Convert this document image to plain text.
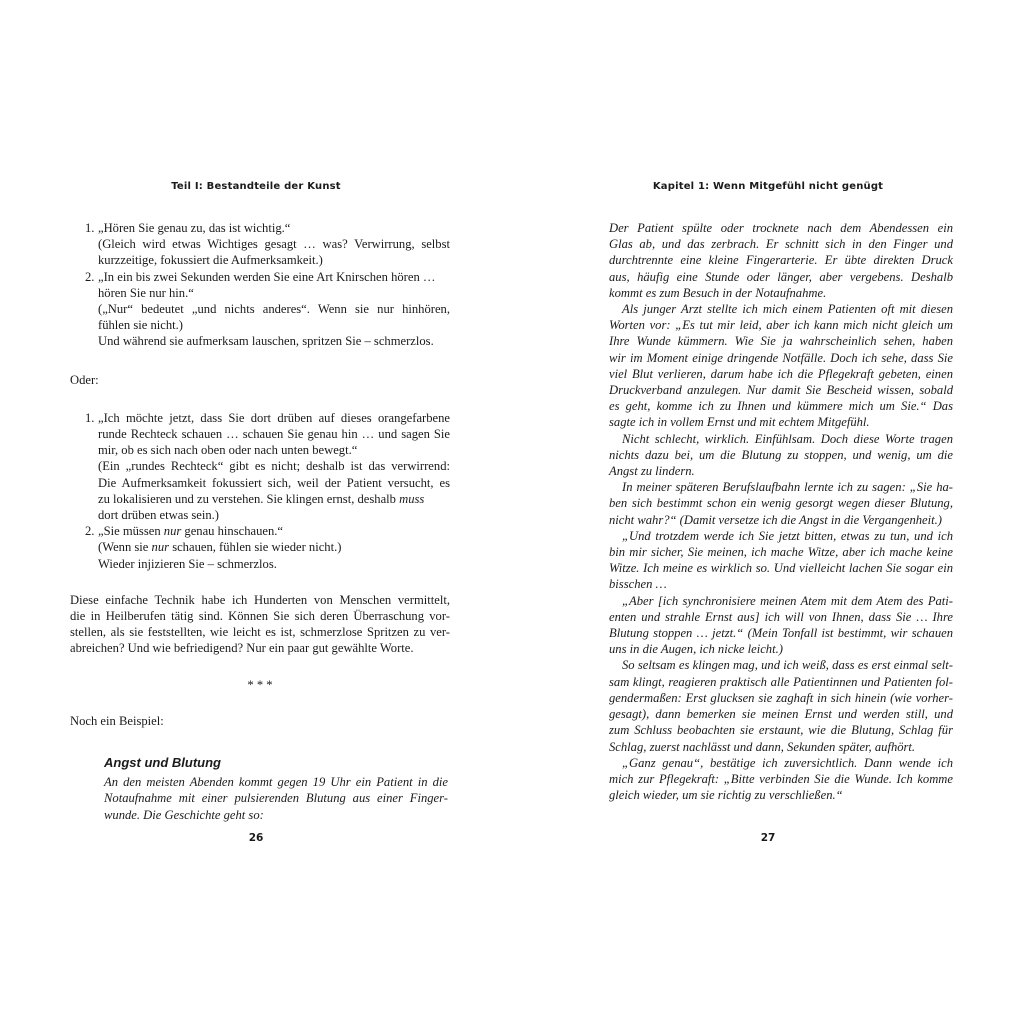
Teil I: Bestandteile der Kunst
1. „Hören Sie genau zu, das ist wichtig.“
(Gleich wird etwas Wichtiges gesagt … was? Verwirrung, selbst
kurzzeitige, fokussiert die Aufmerksamkeit.)
2. „In ein bis zwei Sekunden werden Sie eine Art Knirschen hören …
hören Sie nur hin.“
(„Nur“ bedeutet „und nichts anderes“. Wenn sie nur hinhören,
fühlen sie nicht.)
Und während sie aufmerksam lauschen, spritzen Sie – schmerzlos.
Oder:
1. „Ich möchte jetzt, dass Sie dort drüben auf dieses orangefarbene
runde Rechteck schauen … schauen Sie genau hin … und sagen Sie
mir, ob es sich nach oben oder nach unten bewegt.“
(Ein „rundes Rechteck“ gibt es nicht; deshalb ist das verwirrend:
Die Aufmerksamkeit fokussiert sich, weil der Patient versucht, es
zu lokalisieren und zu verstehen. Sie klingen ernst, deshalb muss
dort drüben etwas sein.)
2. „Sie müssen nur genau hinschauen.“
(Wenn sie nur schauen, fühlen sie wieder nicht.)
Wieder injizieren Sie – schmerzlos.
Diese einfache Technik habe ich Hunderten von Menschen vermittelt,
die in Heilberufen tätig sind. Können Sie sich deren Überraschung vor-
stellen, als sie feststellten, wie leicht es ist, schmerzlose Spritzen zu ver-
abreichen? Und wie befriedigend? Nur ein paar gut gewählte Worte.
* * *
Noch ein Beispiel:
Angst und Blutung
An den meisten Abenden kommt gegen 19 Uhr ein Patient in die
Notaufnahme mit einer pulsierenden Blutung aus einer Finger-
wunde. Die Geschichte geht so:
26
Kapitel 1: Wenn Mitgefühl nicht genügt
Der Patient spülte oder trocknete nach dem Abendessen ein
Glas ab, und das zerbrach. Er schnitt sich in den Finger und
durchtrennte eine kleine Fingerarterie. Er übte direkten Druck
aus, häufig eine Stunde oder länger, aber vergebens. Deshalb
kommt es zum Besuch in der Notaufnahme.
Als junger Arzt stellte ich mich einem Patienten oft mit diesen
Worten vor: „Es tut mir leid, aber ich kann mich nicht gleich um
Ihre Wunde kümmern. Wie Sie ja wahrscheinlich sehen, haben
wir im Moment einige dringende Notfälle. Doch ich sehe, dass Sie
viel Blut verlieren, darum habe ich die Pflegekraft gebeten, einen
Druckverband anzulegen. Nur damit Sie Bescheid wissen, sobald
es geht, komme ich zu Ihnen und kümmere mich um Sie.“ Das
sagte ich in vollem Ernst und mit echtem Mitgefühl.
Nicht schlecht, wirklich. Einfühlsam. Doch diese Worte tragen
nichts dazu bei, um die Blutung zu stoppen, und wenig, um die
Angst zu lindern.
In meiner späteren Berufslaufbahn lernte ich zu sagen: „Sie ha-
ben sich bestimmt schon ein wenig gesorgt wegen dieser Blutung,
nicht wahr?“ (Damit versetze ich die Angst in die Vergangenheit.)
„Und trotzdem werde ich Sie jetzt bitten, etwas zu tun, und ich
bin mir sicher, Sie meinen, ich mache Witze, aber ich mache keine
Witze. Ich meine es wirklich so. Und vielleicht lachen Sie sogar ein
bisschen …
„Aber [ich synchronisiere meinen Atem mit dem Atem des Pati-
enten und strahle Ernst aus] ich will von Ihnen, dass Sie … Ihre
Blutung stoppen … jetzt.“ (Mein Tonfall ist bestimmt, wir schauen
uns in die Augen, ich nicke leicht.)
So seltsam es klingen mag, und ich weiß, dass es erst einmal selt-
sam klingt, reagieren praktisch alle Patientinnen und Patienten fol-
gendermaßen: Erst glucksen sie zaghaft in sich hinein (wie vorher-
gesagt), dann bemerken sie meinen Ernst und werden still, und
zum Schluss beobachten sie erstaunt, wie die Blutung, Schlag für
Schlag, zuerst nachlässt und dann, Sekunden später, aufhört.
„Ganz genau“, bestätige ich zuversichtlich. Dann wende ich
mich zur Pflegekraft: „Bitte verbinden Sie die Wunde. Ich komme
gleich wieder, um sie richtig zu verschließen.“
27
